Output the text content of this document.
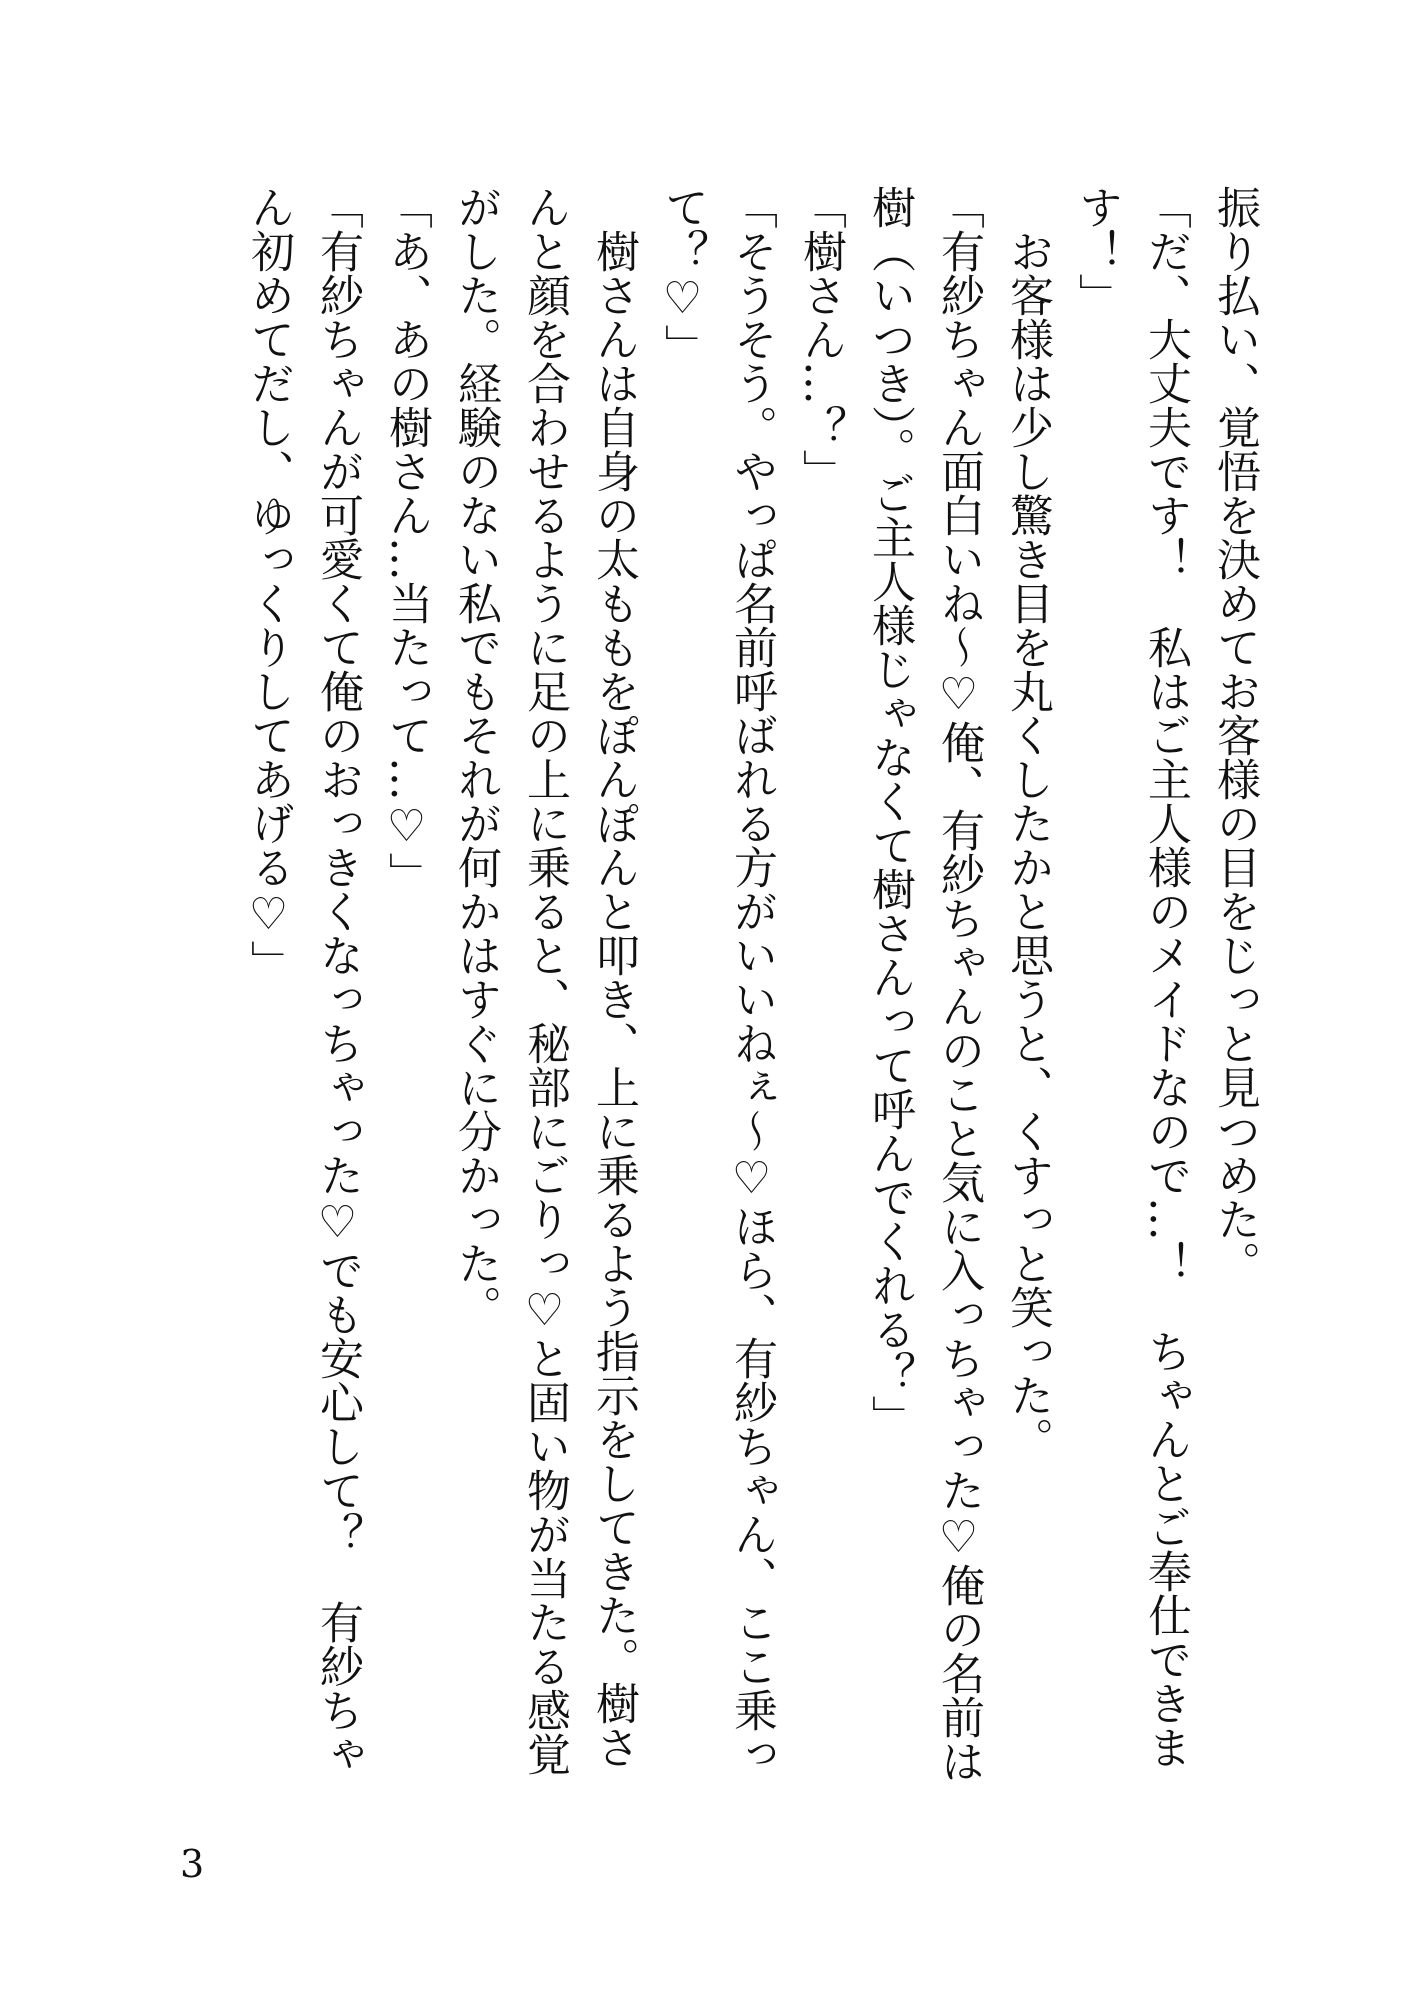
振り払い、覚悟を決めてお客様の目をじっと見つめた。

「だ、大丈夫です！　私はご主人様のメイドなので…！　ちゃんとご奉仕できま

す！」

　お客様は少し驚き目を丸くしたかと思うと、くすっと笑った。

「有紗ちゃん面白いね〜♡俺、有紗ちゃんのこと気に入っちゃった♡俺の名前は

樹（いつき）。ご主人様じゃなくて樹さんって呼んでくれる？」

「樹さん…？」

「そうそう。やっぱ名前呼ばれる方がいいねぇ〜♡ほら、有紗ちゃん、ここ乗っ

て？♡」

　樹さんは自身の太ももをぽんぽんと叩き、上に乗るよう指示をしてきた。樹さ

んと顔を合わせるように足の上に乗ると、秘部にごりっ♡と固い物が当たる感覚

がした。経験のない私でもそれが何かはすぐに分かった。

「あ、あの樹さん…当たって…♡」

「有紗ちゃんが可愛くて俺のおっきくなっちゃった♡でも安心して？　有紗ちゃ

ん初めてだし、ゆっくりしてあげる♡」

3
